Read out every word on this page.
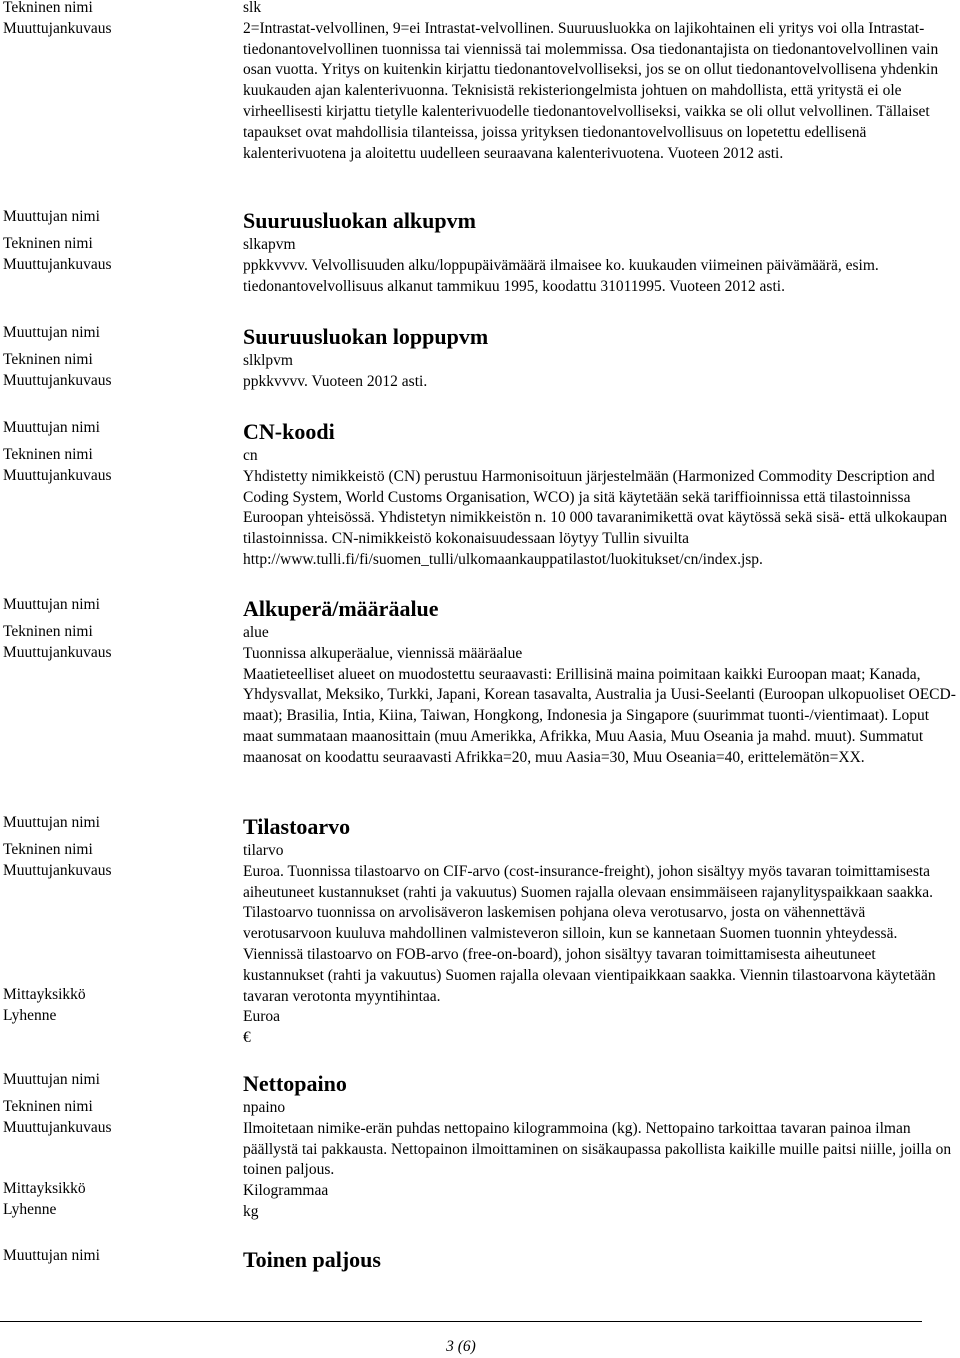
Tekninen nimi
Muuttujankuvaus
slk

2=Intrastat-velvollinen, 9=ei Intrastat-velvollinen. Suuruusluokka on lajikohtainen eli yritys voi olla Intrastat-tiedonantovelvollinen tuonnissa tai viennissä tai molemmissa. Osa tiedonantajista on tiedonantovelvollinen vain osan vuotta. Yritys on kuitenkin kirjattu tiedonantovelvolliseksi, jos se on ollut tiedonantovelvollisena yhdenkin kuukauden ajan kalenterivuonna. Teknisistä rekisteriongelmista johtuen on mahdollista, että yritystä ei ole virheellisesti kirjattu tietylle kalenterivuodelle tiedonantovelvolliseksi, vaikka se oli ollut velvollinen. Tällaiset tapaukset ovat mahdollisia tilanteissa, joissa yrityksen tiedonantovelvollisuus on lopetettu edellisenä kalenterivuotena ja aloitettu uudelleen seuraavana kalenterivuotena. Vuoteen 2012 asti.

Muuttujan nimi
Tekninen nimi
Muuttujankuvaus
Suuruusluokan alkupvm
slkapvm

ppkkvvvv. Velvollisuuden alku/loppupäivämäärä ilmaisee ko. kuukauden viimeinen päivämäärä, esim. tiedonantovelvollisuus alkanut tammikuu 1995, koodattu 31011995. Vuoteen 2012 asti.

Muuttujan nimi
Tekninen nimi
Muuttujankuvaus
Suuruusluokan loppupvm
slklpvm

ppkkvvvv. Vuoteen 2012 asti.

Muuttujan nimi
Tekninen nimi
Muuttujankuvaus
CN-koodi
cn

Yhdistetty nimikkeistö (CN) perustuu Harmonisoituun järjestelmään (Harmonized Commodity Description and Coding System, World Customs Organisation, WCO) ja sitä käytetään sekä tariffioinnissa että tilastoinnissa Euroopan yhteisössä. Yhdistetyn nimikkeistön n. 10 000 tavaranimikettä ovat käytössä sekä sisä- että ulkokaupan tilastoinnissa. CN-nimikkeistö kokonaisuudessaan löytyy Tullin sivuilta http://www.tulli.fi/fi/suomen_tulli/ulkomaankauppatilastot/luokitukset/cn/index.jsp.

Muuttujan nimi
Tekninen nimi
Muuttujankuvaus
Alkuperä/määräalue
alue

Tuonnissa alkuperäalue, viennissä määräalue

Maatieteelliset alueet on muodostettu seuraavasti: Erillisinä maina poimitaan kaikki Euroopan maat; Kanada, Yhdysvallat, Meksiko, Turkki, Japani, Korean tasavalta, Australia ja Uusi-Seelanti (Euroopan ulkopuoliset OECD-maat); Brasilia, Intia, Kiina, Taiwan, Hongkong, Indonesia ja Singapore (suurimmat tuonti-/vientimaat). Loput maat summataan maanosittain (muu Amerikka, Afrikka, Muu Aasia, Muu Oseania ja mahd. muut). Summatut maanosat on koodattu seuraavasti Afrikka=20, muu Aasia=30, Muu Oseania=40, erittelemätön=XX.

Muuttujan nimi
Tekninen nimi
Muuttujankuvaus
Mittayksikkö
Lyhenne
Tilastoarvo
tilarvo

Euroa. Tuonnissa tilastoarvo on CIF-arvo (cost-insurance-freight), johon sisältyy myös tavaran toimittamisesta aiheutuneet kustannukset (rahti ja vakuutus) Suomen rajalla olevaan ensimmäiseen rajanylityspaikkaan saakka. Tilastoarvo tuonnissa on arvolisäveron laskemisen pohjana oleva verotusarvo, josta on vähennettävä verotusarvoon kuuluva mahdollinen valmisteveron silloin, kun se kannetaan Suomen tuonnin yhteydessä. Viennissä tilastoarvo on FOB-arvo (free-on-board), johon sisältyy tavaran toimittamisesta aiheutuneet kustannukset (rahti ja vakuutus) Suomen rajalla olevaan vientipaikkaan saakka. Viennin tilastoarvona käytetään tavaran verotonta myyntihintaa.

Euroa
€
Muuttujan nimi
Tekninen nimi
Muuttujankuvaus
Mittayksikkö
Lyhenne
Nettopaino
npaino

Ilmoitetaan nimike-erän puhdas nettopaino kilogrammoina (kg). Nettopaino tarkoittaa tavaran painoa ilman päällystä tai pakkausta. Nettopainon ilmoittaminen on sisäkaupassa pakollista kaikille muille paitsi niille, joilla on toinen paljous.

Kilogrammaa
kg
Muuttujan nimi	Toinen paljous
3 (6)
